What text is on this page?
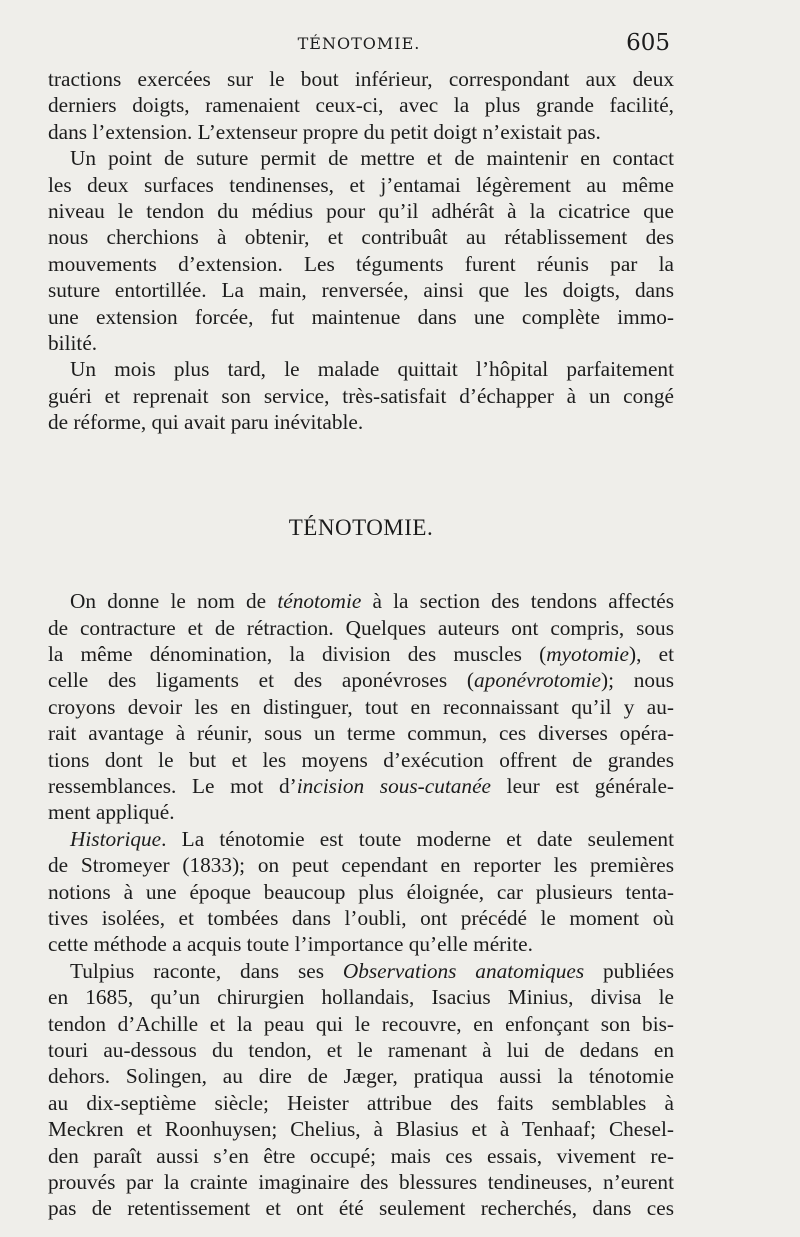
TÉNOTOMIE.	605
tractions exercées sur le bout inférieur, correspondant aux deux
derniers doigts, ramenaient ceux-ci, avec la plus grande facilité,
dans l’extension. L’extenseur propre du petit doigt n’existait pas.
Un point de suture permit de mettre et de maintenir en contact
les deux surfaces tendinenses, et j’entamai légèrement au même
niveau le tendon du médius pour qu’il adhérât à la cicatrice que
nous cherchions à obtenir, et contribuât au rétablissement des
mouvements d’extension. Les téguments furent réunis par la
suture entortillée. La main, renversée, ainsi que les doigts, dans
une extension forcée, fut maintenue dans une complète immo-
bilité.
Un mois plus tard, le malade quittait l’hôpital parfaitement
guéri et reprenait son service, très-satisfait d’échapper à un congé
de réforme, qui avait paru inévitable.
TÉNOTOMIE.
On donne le nom de ténotomie à la section des tendons affectés
de contracture et de rétraction. Quelques auteurs ont compris, sous
la même dénomination, la division des muscles (myotomie), et
celle des ligaments et des aponévroses (aponévrotomie); nous
croyons devoir les en distinguer, tout en reconnaissant qu’il y au-
rait avantage à réunir, sous un terme commun, ces diverses opéra-
tions dont le but et les moyens d’exécution offrent de grandes
ressemblances. Le mot d’incision sous-cutanée leur est générale-
ment appliqué.
Historique. La ténotomie est toute moderne et date seulement
de Stromeyer (1833); on peut cependant en reporter les premières
notions à une époque beaucoup plus éloignée, car plusieurs tenta-
tives isolées, et tombées dans l’oubli, ont précédé le moment où
cette méthode a acquis toute l’importance qu’elle mérite.
Tulpius raconte, dans ses Observations anatomiques publiées
en 1685, qu’un chirurgien hollandais, Isacius Minius, divisa le
tendon d’Achille et la peau qui le recouvre, en enfonçant son bis-
touri au-dessous du tendon, et le ramenant à lui de dedans en
dehors. Solingen, au dire de Jæger, pratiqua aussi la ténotomie
au dix-septième siècle; Heister attribue des faits semblables à
Meckren et Roonhuysen; Chelius, à Blasius et à Tenhaaf; Chesel-
den paraît aussi s’en être occupé; mais ces essais, vivement re-
prouvés par la crainte imaginaire des blessures tendineuses, n’eurent
pas de retentissement et ont été seulement recherchés, dans ces
